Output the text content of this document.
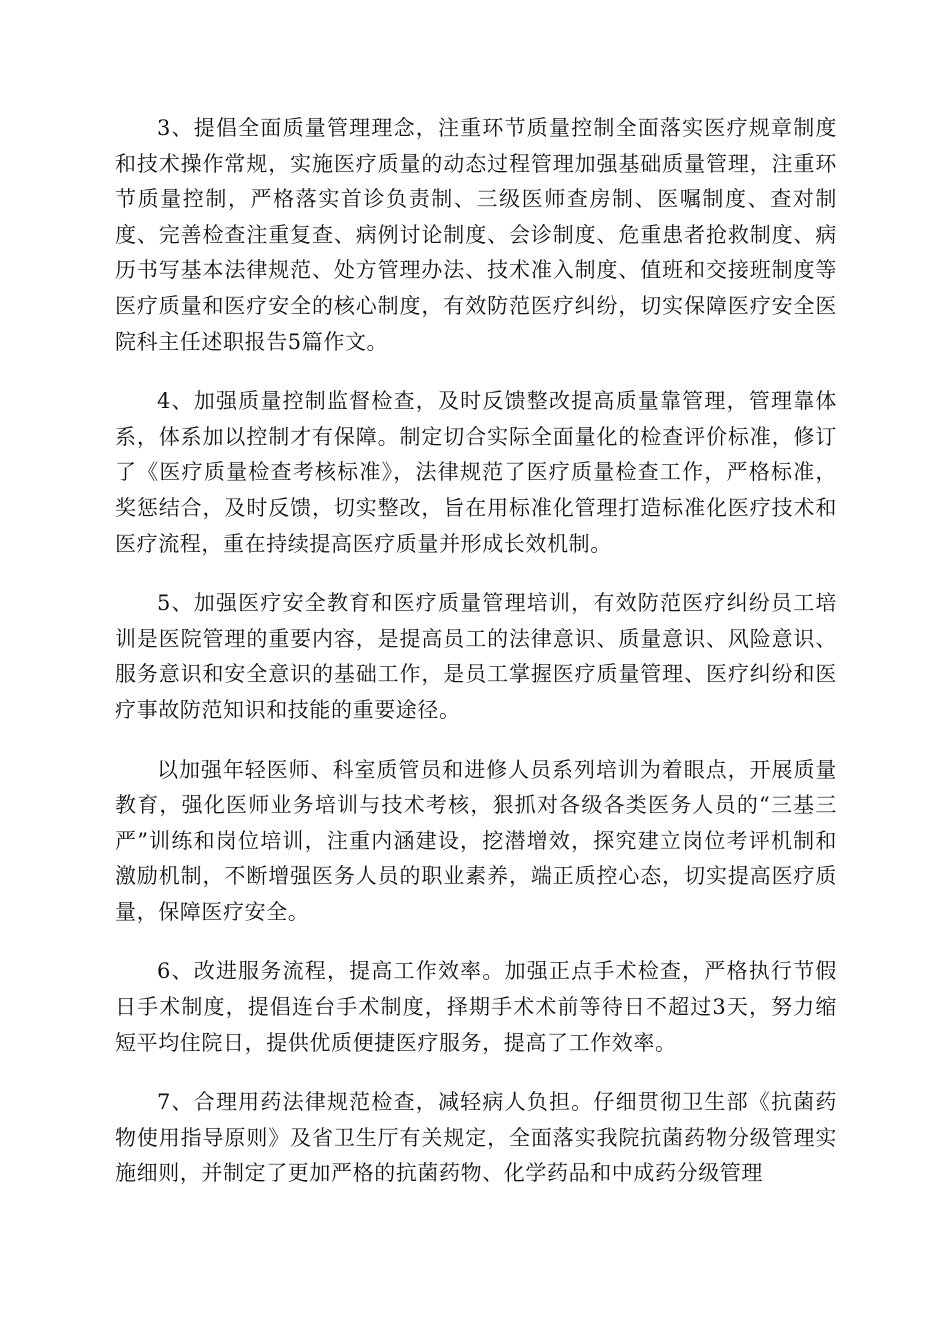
3、提倡全面质量管理理念，注重环节质量控制全面落实医疗规章制度和技术操作常规，实施医疗质量的动态过程管理加强基础质量管理，注重环节质量控制，严格落实首诊负责制、三级医师查房制、医嘱制度、查对制度、完善检查注重复查、病例讨论制度、会诊制度、危重患者抢救制度、病历书写基本法律规范、处方管理办法、技术准入制度、值班和交接班制度等医疗质量和医疗安全的核心制度，有效防范医疗纠纷，切实保障医疗安全医院科主任述职报告5篇作文。

4、加强质量控制监督检查，及时反馈整改提高质量靠管理，管理靠体系，体系加以控制才有保障。制定切合实际全面量化的检查评价标准，修订了《医疗质量检查考核标准》，法律规范了医疗质量检查工作，严格标准，奖惩结合，及时反馈，切实整改，旨在用标准化管理打造标准化医疗技术和医疗流程，重在持续提高医疗质量并形成长效机制。

5、加强医疗安全教育和医疗质量管理培训，有效防范医疗纠纷员工培训是医院管理的重要内容，是提高员工的法律意识、质量意识、风险意识、服务意识和安全意识的基础工作，是员工掌握医疗质量管理、医疗纠纷和医疗事故防范知识和技能的重要途径。

以加强年轻医师、科室质管员和进修人员系列培训为着眼点，开展质量教育，强化医师业务培训与技术考核，狠抓对各级各类医务人员的“三基三严”训练和岗位培训，注重内涵建设，挖潜增效，探究建立岗位考评机制和激励机制，不断增强医务人员的职业素养，端正质控心态，切实提高医疗质量，保障医疗安全。

6、改进服务流程，提高工作效率。加强正点手术检查，严格执行节假日手术制度，提倡连台手术制度，择期手术术前等待日不超过3天，努力缩短平均住院日，提供优质便捷医疗服务，提高了工作效率。

7、合理用药法律规范检查，减轻病人负担。仔细贯彻卫生部《抗菌药物使用指导原则》及省卫生厅有关规定，全面落实我院抗菌药物分级管理实施细则，并制定了更加严格的抗菌药物、化学药品和中成药分级管理
